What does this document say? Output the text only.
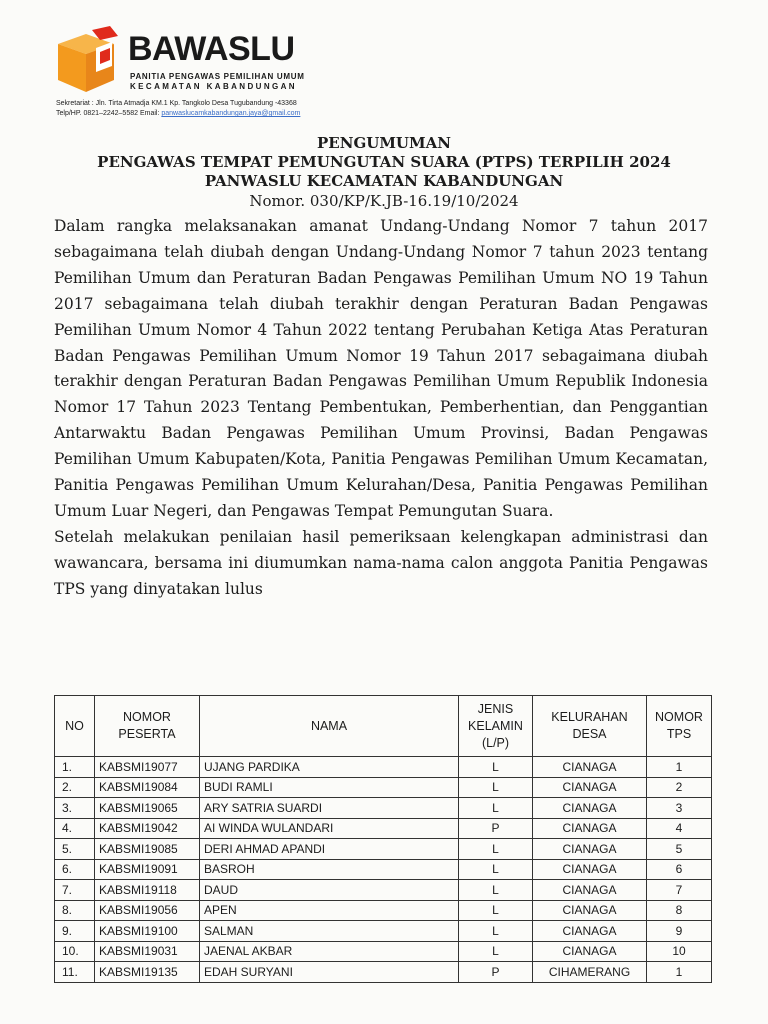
BAWASLU
PANITIA PENGAWAS PEMILIHAN UMUM
KECAMATAN KABANDUNGAN
Sekretariat : Jln. Tirta Atmadja KM.1 Kp. Tangkolo Desa Tugubandung -43368
Telp/HP. 0821–2242–5582 Email: panwaslucamkabandungan.jaya@gmail.com
PENGUMUMAN
PENGAWAS TEMPAT PEMUNGUTAN SUARA (PTPS) TERPILIH 2024
PANWASLU KECAMATAN KABANDUNGAN
Nomor. 030/KP/K.JB-16.19/10/2024

Dalam rangka melaksanakan amanat Undang-Undang Nomor 7 tahun 2017 sebagaimana telah diubah dengan Undang-Undang Nomor 7 tahun 2023 tentang Pemilihan Umum dan Peraturan Badan Pengawas Pemilihan Umum NO 19 Tahun 2017 sebagaimana telah diubah terakhir dengan Peraturan Badan Pengawas Pemilihan Umum Nomor 4 Tahun 2022 tentang Perubahan Ketiga Atas Peraturan Badan Pengawas Pemilihan Umum Nomor 19 Tahun 2017 sebagaimana diubah terakhir dengan Peraturan Badan Pengawas Pemilihan Umum Republik Indonesia Nomor 17 Tahun 2023 Tentang Pembentukan, Pemberhentian, dan Penggantian Antarwaktu Badan Pengawas Pemilihan Umum Provinsi, Badan Pengawas Pemilihan Umum Kabupaten/Kota, Panitia Pengawas Pemilihan Umum Kecamatan, Panitia Pengawas Pemilihan Umum Kelurahan/Desa, Panitia Pengawas Pemilihan Umum Luar Negeri, dan Pengawas Tempat Pemungutan Suara.

Setelah melakukan penilaian hasil pemeriksaan kelengkapan administrasi dan wawancara, bersama ini diumumkan nama-nama calon anggota Panitia Pengawas TPS yang dinyatakan lulus

NO	NOMOR PESERTA	NAMA	JENIS KELAMIN (L/P)	KELURAHAN DESA	NOMOR TPS
1.	KABSMI19077	UJANG PARDIKA	L	CIANAGA	1
2.	KABSMI19084	BUDI RAMLI	L	CIANAGA	2
3.	KABSMI19065	ARY SATRIA SUARDI	L	CIANAGA	3
4.	KABSMI19042	AI WINDA WULANDARI	P	CIANAGA	4
5.	KABSMI19085	DERI AHMAD APANDI	L	CIANAGA	5
6.	KABSMI19091	BASROH	L	CIANAGA	6
7.	KABSMI19118	DAUD	L	CIANAGA	7
8.	KABSMI19056	APEN	L	CIANAGA	8
9.	KABSMI19100	SALMAN	L	CIANAGA	9
10.	KABSMI19031	JAENAL AKBAR	L	CIANAGA	10
11.	KABSMI19135	EDAH SURYANI	P	CIHAMERANG	1
